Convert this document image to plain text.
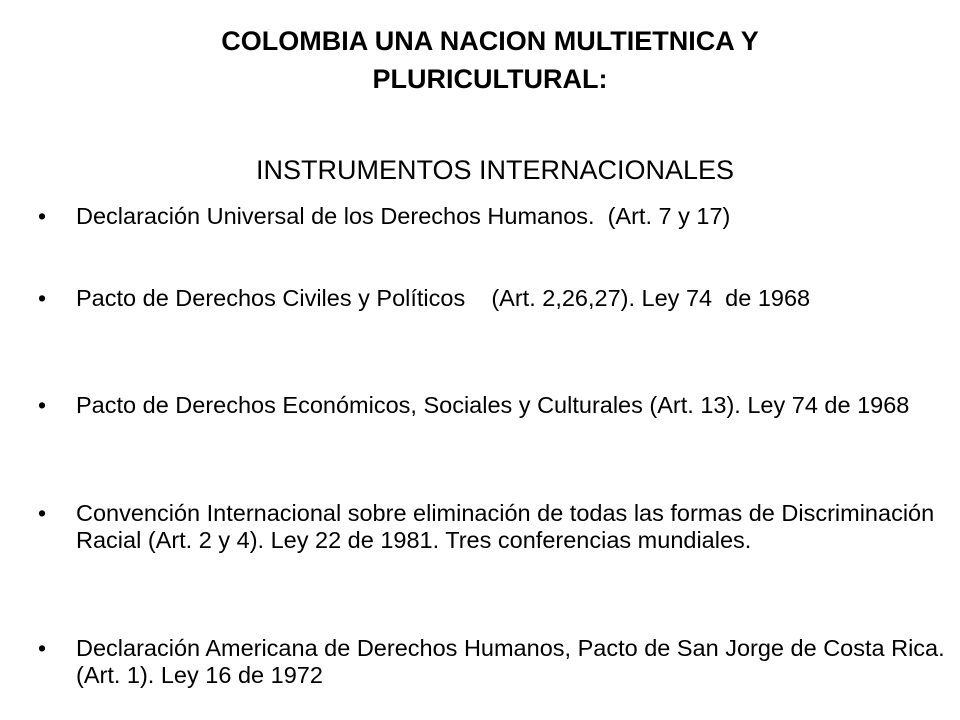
COLOMBIA UNA NACION MULTIETNICA Y PLURICULTURAL:
INSTRUMENTOS INTERNACIONALES
•	Declaración Universal de los Derechos Humanos.  (Art. 7 y 17)
•	Pacto de Derechos Civiles y Políticos    (Art. 2,26,27). Ley 74  de 1968
•	Pacto de Derechos Económicos, Sociales y Culturales (Art. 13). Ley 74 de 1968
•	Convención Internacional sobre eliminación de todas las formas de Discriminación Racial (Art. 2 y 4). Ley 22 de 1981. Tres conferencias mundiales.
•	Declaración Americana de Derechos Humanos, Pacto de San Jorge de Costa Rica.  (Art. 1). Ley 16 de 1972
